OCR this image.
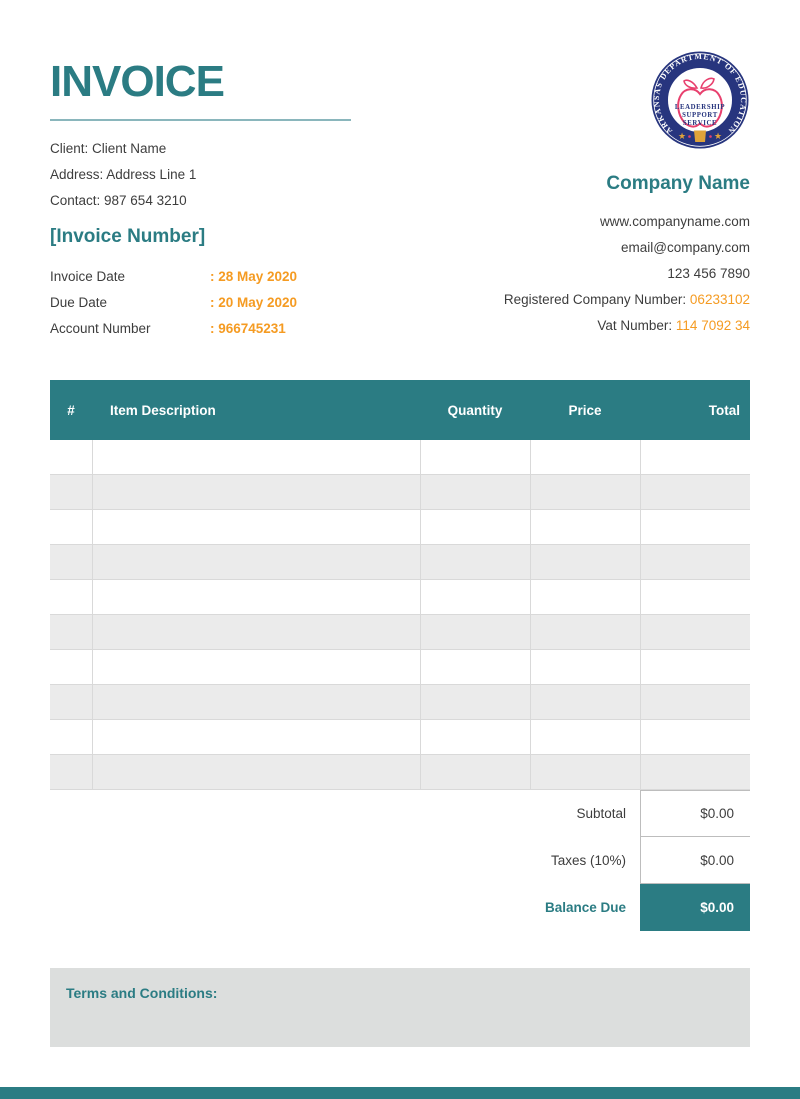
INVOICE
Client: Client Name
Address: Address Line 1
Contact: 987 654 3210
[Invoice Number]
Invoice Date	: 28 May 2020
Due Date	: 20 May 2020
Account Number	: 966745231
ARKANSAS DEPARTMENT OF EDUCATION
★	★
LEADERSHIP
SUPPORT
SERVICE
Company Name
www.companyname.com
email@company.com
123 456 7890
Registered Company Number: 06233102
Vat Number: 114 7092 34
#	Item Description	Quantity	Price	Total
Subtotal	$0.00
Taxes (10%)	$0.00
Balance Due	$0.00
Terms and Conditions:
